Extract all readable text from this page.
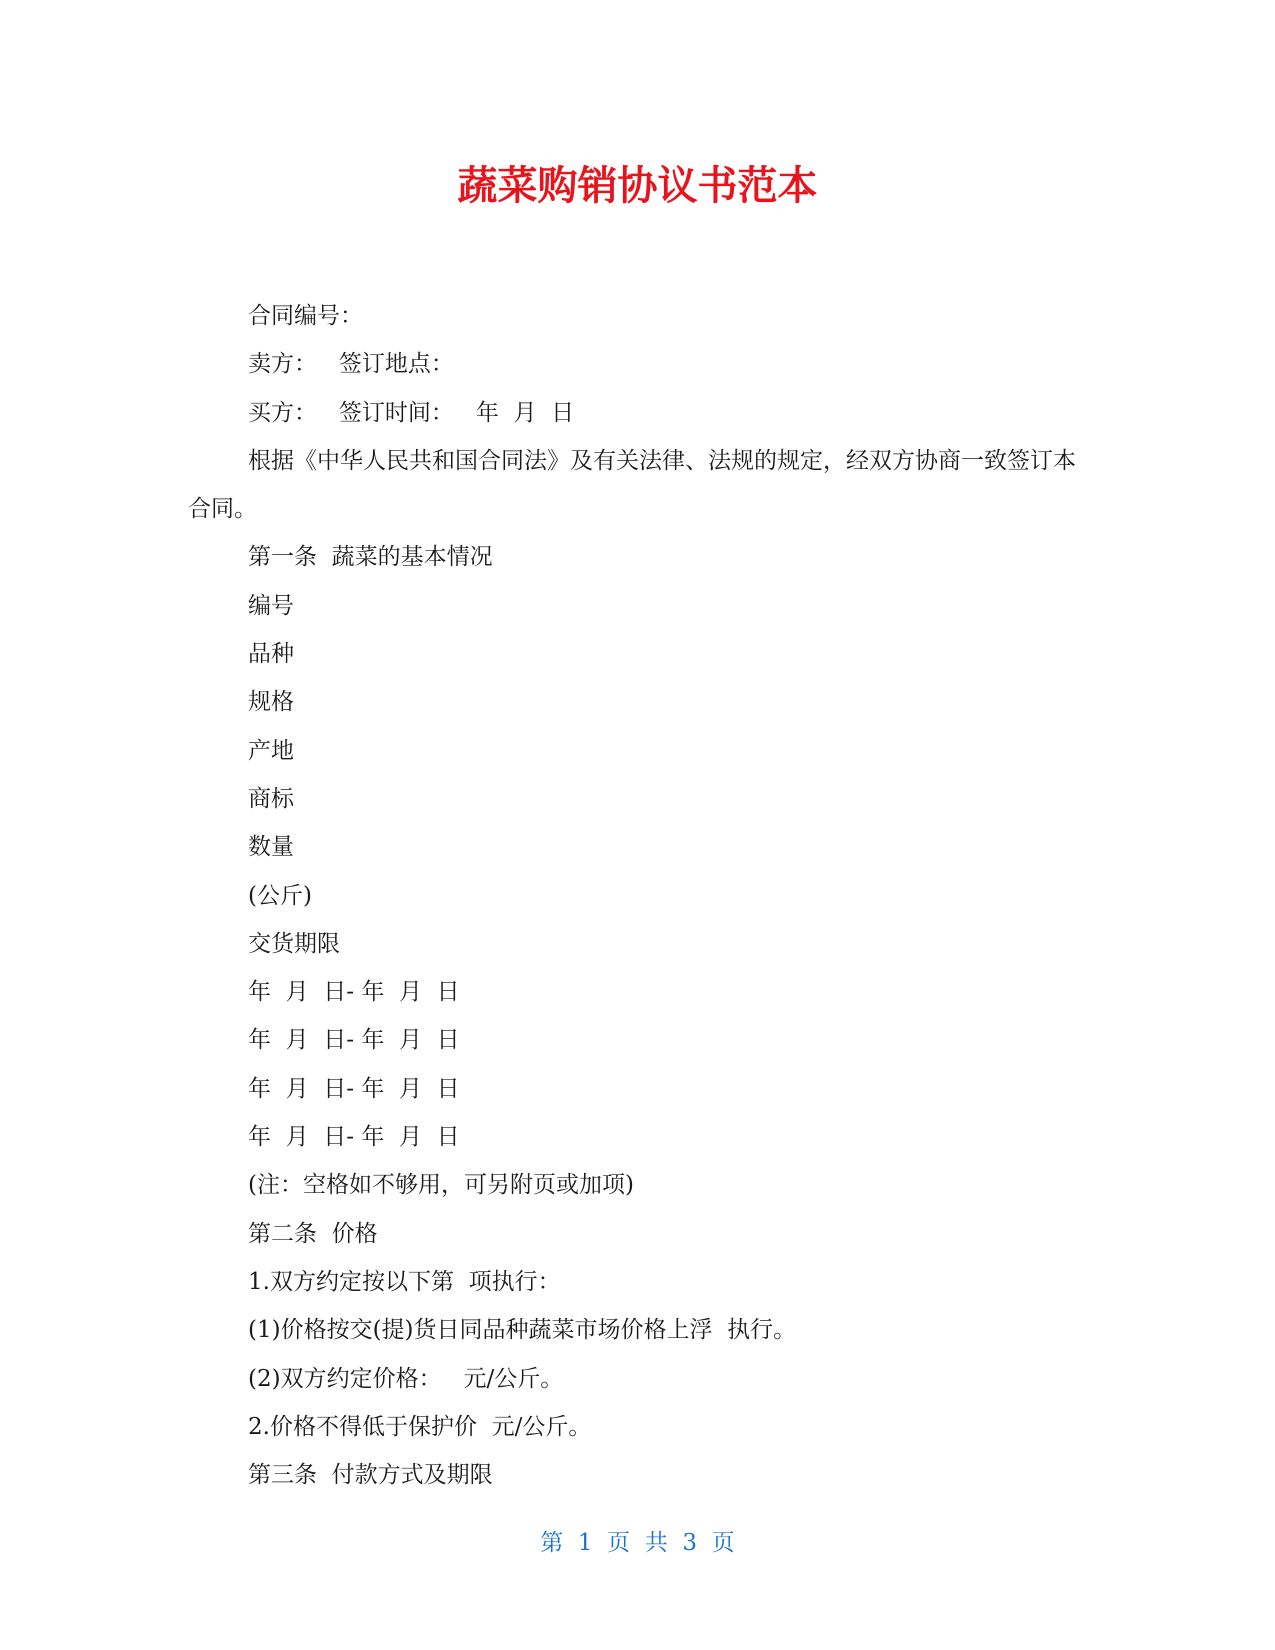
蔬菜购销协议书范本
合同编号：
卖方：   签订地点：
买方：   签订时间：   年  月  日
根据《中华人民共和国合同法》及有关法律、法规的规定，经双方协商一致签订本合同。
第一条  蔬菜的基本情况
编号
品种
规格
产地
商标
数量
(公斤)
交货期限
年  月  日- 年  月  日
年  月  日- 年  月  日
年  月  日- 年  月  日
年  月  日- 年  月  日
(注：空格如不够用，可另附页或加项)
第二条  价格
1.双方约定按以下第  项执行：
(1)价格按交(提)货日同品种蔬菜市场价格上浮  执行。
(2)双方约定价格：   元/公斤。
2.价格不得低于保护价  元/公斤。
第三条  付款方式及期限
第  1  页  共  3  页
